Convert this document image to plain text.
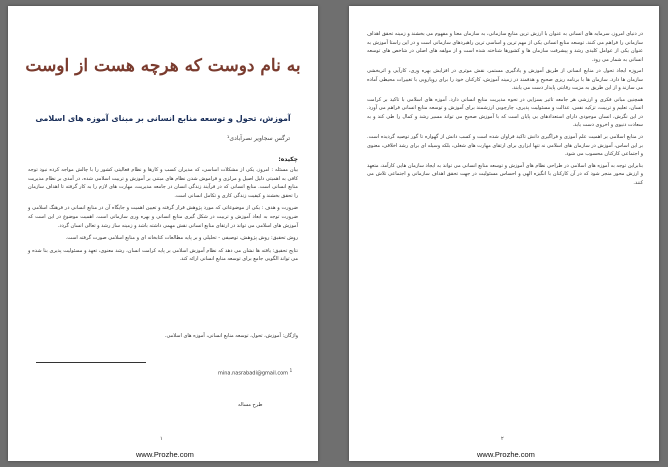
به نام دوست که هرچه هست از اوست
آموزش، تحول و توسعه منابع انسانی بر مبنای آموزه های اسلامی
ترگس سجاویر نصرآبادی¹
چکیده:

بیان مسئله : امروز، یکی از مشکلات اساسی، که مدیران کسب و کارها و نظام فعالیتی کشور را با چالش مواجه کرده نبود توجه کافی به اهمیتی دلیل اصیل و مرلزی و فراموش شدن نظام های مبتنی بر آموزش و تربیت اسلامی شده، در آمدی بر نظام مدیریت منابع انسانی است. منابع انسانی که در فرآیند زندگی انسان در جامعه مدیریت، مهارت های لازم را به کار گرفته تا اهداف سازمان را تحقق بخشند و کیفیت زندگی کاری و تکامل انسانی است.

ضرورت و هدف : یکی از موضوعاتی که مورد پژوهش قرار گرفته و تعیین اهمیت و جایگاه آن در منابع انسانی در فرهنگ اسلامی و ضرورت توجه به ابعاد آموزش و تربیت در شکل گیری منابع انسانی و بهره وری سازمانی است. اهمیت موضوع در این است که آموزش های اسلامی می تواند در ارتقای منابع انسانی نقش مهمی داشته باشد و زمینه ساز رشد و تعالی انسان گردد.

روش تحقیق: روش پژوهش، توصیفی - تحلیلی و بر پایه مطالعات کتابخانه ای و منابع اسلامی صورت گرفته است.

نتایج تحقیق: یافته ها نشان می دهد که نظام آموزش اسلامی بر پایه کرامت انسان، رشد معنوی، تعهد و مسئولیت پذیری بنا شده و می تواند الگویی جامع برای توسعه منابع انسانی ارائه کند.

واژگان: آموزش، تحول، توسعه منابع انسانی، آموزه های اسلامی.
mina.nasrabadi@gmail.com $^1$
طرح مساله
۱
www.Prozhe.com

در دنیای امروز، سرمایه های انسانی به عنوان با ارزش ترین منابع سازمانی، به سازمان معنا و مفهوم می بخشند و زمینه تحقق اهداف سازمانی را فراهم می کنند. توسعه منابع انسانی یکی از مهم ترین و اساسی ترین راهبردهای سازمانی است و در این راستا آموزش به عنوان یکی از عوامل کلیدی رشد و پیشرفت سازمان ها و کشورها شناخته شده است و از مولفه های اصلی در شاخص های توسعه انسانی به شمار می رود.

امروزه ایجاد تحول در منابع انسانی از طریق آموزش و یادگیری مستمر، نقش موثری در افزایش بهره وری، کارآیی و اثربخشی سازمان ها دارد. سازمان ها با برنامه ریزی صحیح و هدفمند در زمینه آموزش، کارکنان خود را برای رویارویی با تغییرات محیطی آماده می سازند و از این طریق به مزیت رقابتی پایدار دست می یابند.

همچنین مبانی فکری و ارزشی هر جامعه تاثیر بسزایی در نحوه مدیریت منابع انسانی دارد. آموزه های اسلامی با تاکید بر کرامت انسان، تعلیم و تربیت، تزکیه نفس، عدالت و مسئولیت پذیری، چارچوبی ارزشمند برای آموزش و توسعه منابع انسانی فراهم می آورد. در این نگرش، انسان موجودی دارای استعدادهای بی پایان است که با آموزش صحیح می تواند مسیر رشد و کمال را طی کند و به سعادت دنیوی و اخروی دست یابد.

در منابع اسلامی بر اهمیت علم آموزی و فراگیری دانش تاکید فراوان شده است و کسب دانش از گهواره تا گور توصیه گردیده است. بر این اساس، آموزش در سازمان های اسلامی نه تنها ابزاری برای ارتقای مهارت های شغلی، بلکه وسیله ای برای رشد اخلاقی، معنوی و اجتماعی کارکنان محسوب می شود.

بنابراین توجه به آموزه های اسلامی در طراحی نظام های آموزش و توسعه منابع انسانی می تواند به ایجاد سازمان هایی کارآمد، متعهد و ارزش محور منجر شود که در آن کارکنان با انگیزه الهی و احساس مسئولیت در جهت تحقق اهداف سازمانی و اجتماعی تلاش می کنند.

۲
www.Prozhe.com
